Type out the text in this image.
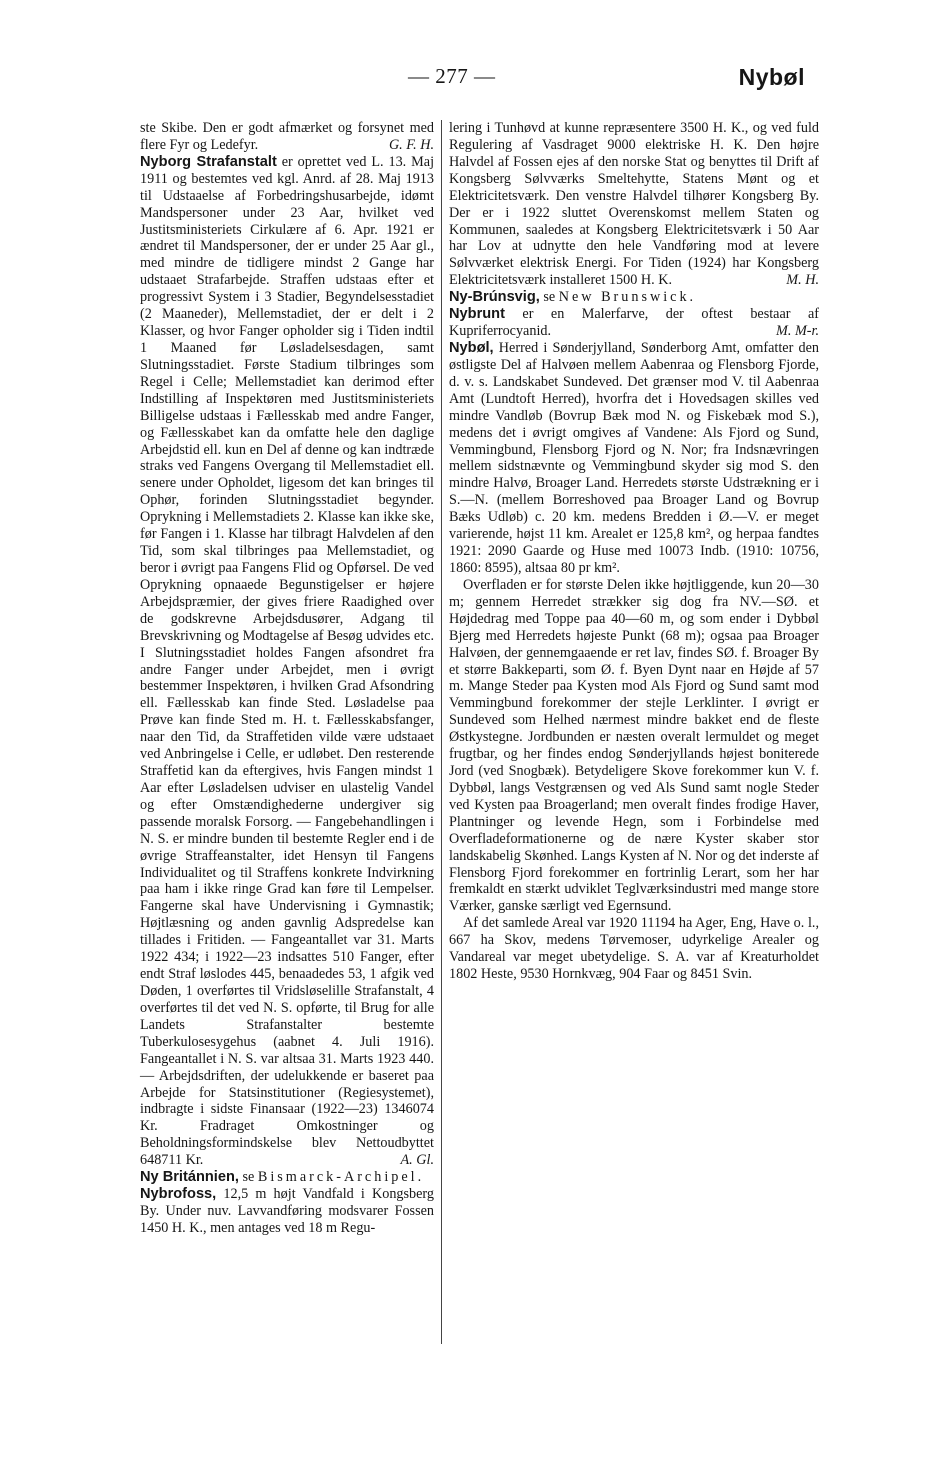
— 277 —	Nybøl

ste Skibe. Den er godt afmærket og forsynet med flere Fyr og Ledefyr.	G. F. H.

Nyborg Strafanstalt er oprettet ved L. 13. Maj 1911 og bestemtes ved kgl. Anrd. af 28. Maj 1913 til Udstaaelse af Forbedringshusarbejde, idømt Mandspersoner under 23 Aar, hvilket ved Justitsministeriets Cirkulære af 6. Apr. 1921 er ændret til Mandspersoner, der er under 25 Aar gl., med mindre de tidligere mindst 2 Gange har udstaaet Strafarbejde. Straffen udstaas efter et progressivt System i 3 Stadier, Begyndelsesstadiet (2 Maaneder), Mellemstadiet, der er delt i 2 Klasser, og hvor Fanger opholder sig i Tiden indtil 1 Maaned før Løsladelsesdagen, samt Slutningsstadiet. Første Stadium tilbringes som Regel i Celle; Mellemstadiet kan derimod efter Indstilling af Inspektøren med Justitsministeriets Billigelse udstaas i Fællesskab med andre Fanger, og Fællesskabet kan da omfatte hele den daglige Arbejdstid ell. kun en Del af denne og kan indtræde straks ved Fangens Overgang til Mellemstadiet ell. senere under Opholdet, ligesom det kan bringes til Ophør, forinden Slutningsstadiet begynder. Oprykning i Mellemstadiets 2. Klasse kan ikke ske, før Fangen i 1. Klasse har tilbragt Halvdelen af den Tid, som skal tilbringes paa Mellemstadiet, og beror i øvrigt paa Fangens Flid og Opførsel. De ved Oprykning opnaaede Begunstigelser er højere Arbejdspræmier, der gives friere Raadighed over de godskrevne Arbejdsdusører, Adgang til Brevskrivning og Modtagelse af Besøg udvides etc. I Slutningsstadiet holdes Fangen afsondret fra andre Fanger under Arbejdet, men i øvrigt bestemmer Inspektøren, i hvilken Grad Afsondring ell. Fællesskab kan finde Sted. Løsladelse paa Prøve kan finde Sted m. H. t. Fællesskabsfanger, naar den Tid, da Straffetiden vilde være udstaaet ved Anbringelse i Celle, er udløbet. Den resterende Straffetid kan da eftergives, hvis Fangen mindst 1 Aar efter Løsladelsen udviser en ulastelig Vandel og efter Omstændighederne undergiver sig passende moralsk Forsorg. — Fangebehandlingen i N. S. er mindre bunden til bestemte Regler end i de øvrige Straffeanstalter, idet Hensyn til Fangens Individualitet og til Straffens konkrete Indvirkning paa ham i ikke ringe Grad kan føre til Lempelser. Fangerne skal have Undervisning i Gymnastik; Højtlæsning og anden gavnlig Adspredelse kan tillades i Fritiden. — Fangeantallet var 31. Marts 1922 434; i 1922—23 indsattes 510 Fanger, efter endt Straf løslodes 445, benaadedes 53, 1 afgik ved Døden, 1 overførtes til Vridsløselille Strafanstalt, 4 overførtes til det ved N. S. opførte, til Brug for alle Landets Strafanstalter bestemte Tuberkulosesygehus (aabnet 4. Juli 1916). Fangeantallet i N. S. var altsaa 31. Marts 1923 440. — Arbejdsdriften, der udelukkende er baseret paa Arbejde for Statsinstitutioner (Regiesystemet), indbragte i sidste Finansaar (1922—23) 1346074 Kr. Fradraget Omkostninger og Beholdningsformindskelse blev Nettoudbyttet 648711 Kr.	A. Gl.

Ny Británnien, se Bismarck-Archipel.

Nybrofoss, 12,5 m højt Vandfald i Kongsberg By. Under nuv. Lavvandføring modsvarer Fossen 1450 H. K., men antages ved 18 m Regu-

lering i Tunhøvd at kunne repræsentere 3500 H. K., og ved fuld Regulering af Vasdraget 9000 elektriske H. K. Den højre Halvdel af Fossen ejes af den norske Stat og benyttes til Drift af Kongsberg Sølvværks Smeltehytte, Statens Mønt og et Elektricitetsværk. Den venstre Halvdel tilhører Kongsberg By. Der er i 1922 sluttet Overenskomst mellem Staten og Kommunen, saaledes at Kongsberg Elektricitetsværk i 50 Aar har Lov at udnytte den hele Vandføring mod at levere Sølvværket elektrisk Energi. For Tiden (1924) har Kongsberg Elektricitetsværk installeret 1500 H. K.	M. H.

Ny-Brúnsvig, se New Brunswick.

Nybrunt er en Malerfarve, der oftest bestaar af Kupriferrocyanid.	M. M-r.

Nybøl, Herred i Sønderjylland, Sønderborg Amt, omfatter den østligste Del af Halvøen mellem Aabenraa og Flensborg Fjorde, d. v. s. Landskabet Sundeved. Det grænser mod V. til Aabenraa Amt (Lundtoft Herred), hvorfra det i Hovedsagen skilles ved mindre Vandløb (Bovrup Bæk mod N. og Fiskebæk mod S.), medens det i øvrigt omgives af Vandene: Als Fjord og Sund, Vemmingbund, Flensborg Fjord og N. Nor; fra Indsnævringen mellem sidstnævnte og Vemmingbund skyder sig mod S. den mindre Halvø, Broager Land. Herredets største Udstrækning er i S.—N. (mellem Borreshoved paa Broager Land og Bovrup Bæks Udløb) c. 20 km. medens Bredden i Ø.—V. er meget varierende, højst 11 km. Arealet er 125,8 km², og herpaa fandtes 1921: 2090 Gaarde og Huse med 10073 Indb. (1910: 10756, 1860: 8595), altsaa 80 pr km².

Overfladen er for største Delen ikke højtliggende, kun 20—30 m; gennem Herredet strækker sig dog fra NV.—SØ. et Højdedrag med Toppe paa 40—60 m, og som ender i Dybbøl Bjerg med Herredets højeste Punkt (68 m); ogsaa paa Broager Halvøen, der gennemgaaende er ret lav, findes SØ. f. Broager By et større Bakkeparti, som Ø. f. Byen Dynt naar en Højde af 57 m. Mange Steder paa Kysten mod Als Fjord og Sund samt mod Vemmingbund forekommer der stejle Lerklinter. I øvrigt er Sundeved som Helhed nærmest mindre bakket end de fleste Østkystegne. Jordbunden er næsten overalt lermuldet og meget frugtbar, og her findes endog Sønderjyllands højest boniterede Jord (ved Snogbæk). Betydeligere Skove forekommer kun V. f. Dybbøl, langs Vestgrænsen og ved Als Sund samt nogle Steder ved Kysten paa Broagerland; men overalt findes frodige Haver, Plantninger og levende Hegn, som i Forbindelse med Overfladeformationerne og de nære Kyster skaber stor landskabelig Skønhed. Langs Kysten af N. Nor og det inderste af Flensborg Fjord forekommer en fortrinlig Lerart, som her har fremkaldt en stærkt udviklet Teglværksindustri med mange store Værker, ganske særligt ved Egernsund.

Af det samlede Areal var 1920 11194 ha Ager, Eng, Have o. l., 667 ha Skov, medens Tørvemoser, udyrkelige Arealer og Vandareal var meget ubetydelige. S. A. var af Kreaturholdet 1802 Heste, 9530 Hornkvæg, 904 Faar og 8451 Svin.
